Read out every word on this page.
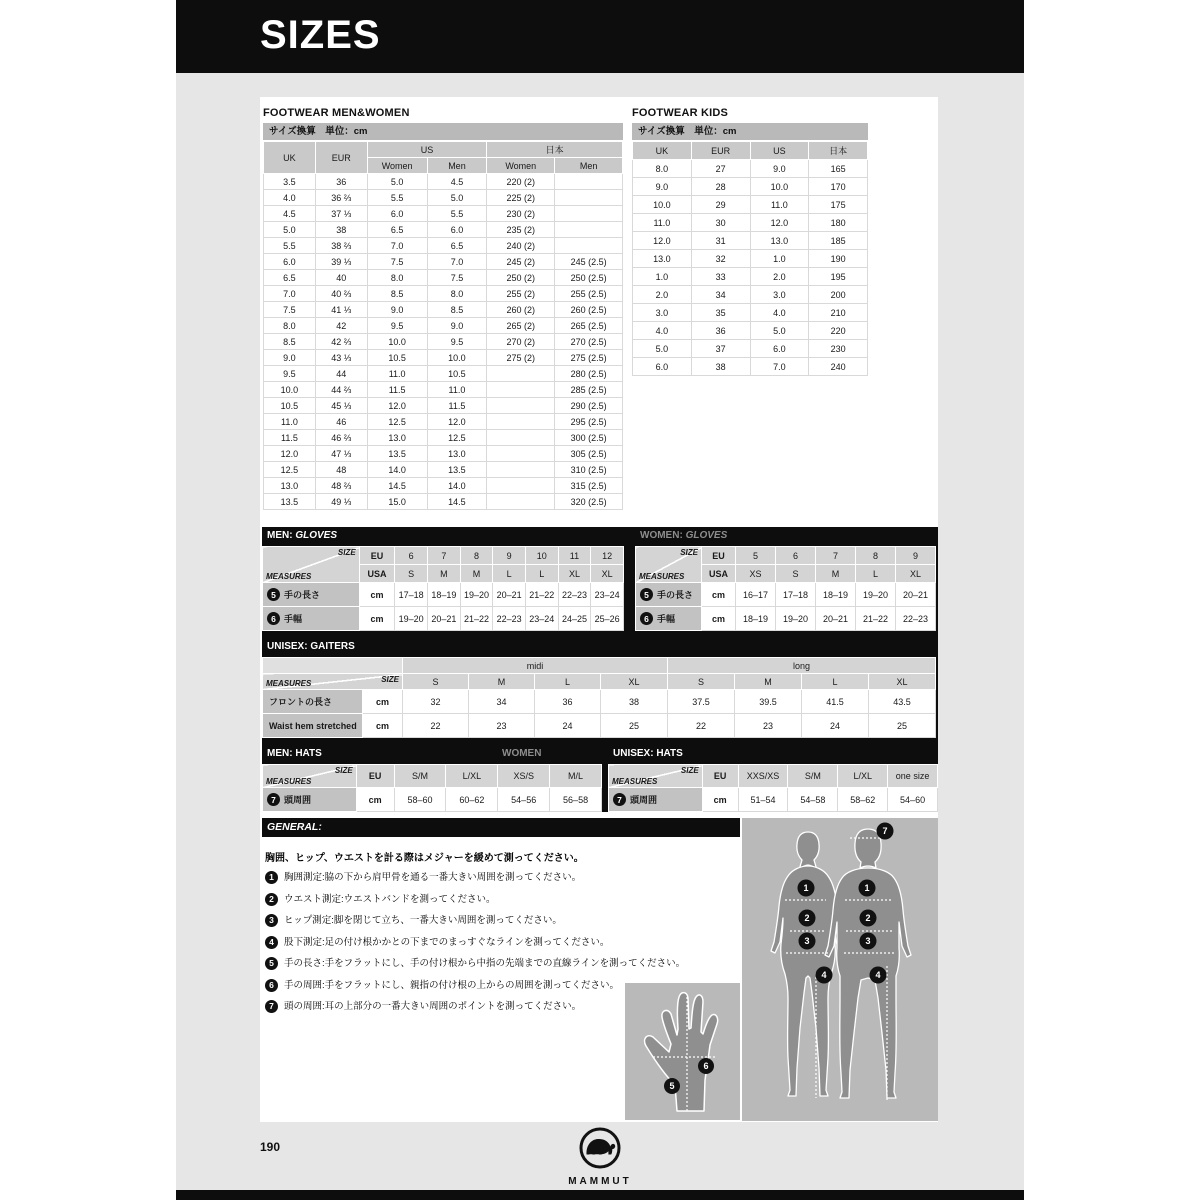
SIZES
FOOTWEAR MEN&WOMEN
サイズ換算　単位：cm
UK	EUR	US		日本	
		Women	Men	Women	Men
3.5	36	5.0	4.5	220 (2)	
4.0	36 ⅔	5.5	5.0	225 (2)	
4.5	37 ⅓	6.0	5.5	230 (2)	
5.0	38	6.5	6.0	235 (2)	
5.5	38 ⅔	7.0	6.5	240 (2)	
6.0	39 ⅓	7.5	7.0	245 (2)	245 (2.5)
6.5	40	8.0	7.5	250 (2)	250 (2.5)
7.0	40 ⅔	8.5	8.0	255 (2)	255 (2.5)
7.5	41 ⅓	9.0	8.5	260 (2)	260 (2.5)
8.0	42	9.5	9.0	265 (2)	265 (2.5)
8.5	42 ⅔	10.0	9.5	270 (2)	270 (2.5)
9.0	43 ⅓	10.5	10.0	275 (2)	275 (2.5)
9.5	44	11.0	10.5		280 (2.5)
10.0	44 ⅔	11.5	11.0		285 (2.5)
10.5	45 ⅓	12.0	11.5		290 (2.5)
11.0	46	12.5	12.0		295 (2.5)
11.5	46 ⅔	13.0	12.5		300 (2.5)
12.0	47 ⅓	13.5	13.0		305 (2.5)
12.5	48	14.0	13.5		310 (2.5)
13.0	48 ⅔	14.5	14.0		315 (2.5)
13.5	49 ⅓	15.0	14.5		320 (2.5)
FOOTWEAR KIDS
サイズ換算　単位：cm
UK	EUR	US	日本
8.0	27	9.0	165
9.0	28	10.0	170
10.0	29	11.0	175
11.0	30	12.0	180
12.0	31	13.0	185
13.0	32	1.0	190
1.0	33	2.0	195
2.0	34	3.0	200
3.0	35	4.0	210
4.0	36	5.0	220
5.0	37	6.0	230
6.0	38	7.0	240
MEN: GLOVES
SIZE
MEASURES	EU	6	7	8	9	10	11	12
	USA	S	M	M	L	L	XL	XL

5 手の長さ	cm	17–18	18–19	19–20	20–21	21–22	22–23	23–24

6 手幅	cm	19–20	20–21	21–22	22–23	23–24	24–25	25–26
WOMEN: GLOVES
SIZE
MEASURES	EU	5	6	7	8	9
	USA	XS	S	M	L	XL

5 手の長さ	cm	16–17	17–18	18–19	19–20	20–21

6 手幅	cm	18–19	19–20	20–21	21–22	22–23
UNISEX: GAITERS
		midi				long			

SIZE
MEASURES		S	M	L	XL	S	M	L	XL
フロントの長さ	cm	32	34	36	38	37.5	39.5	41.5	43.5
Waist hem stretched	cm	22	23	24	25	22	23	24	25
MEN: HATS	WOMEN
SIZE
MEASURES	EU	S/M	L/XL	XS/S	M/L

7 頭周囲	cm	58–60	60–62	54–56	56–58
UNISEX: HATS
SIZE
MEASURES	EU	XXS/XS	S/M	L/XL	one size

7 頭周囲	cm	51–54	54–58	58–62	54–60
GENERAL:
胸囲、ヒップ、ウエストを計る際はメジャーを緩めて測ってください。
1	胸囲測定:脇の下から肩甲骨を通る一番大きい周囲を測ってください。
2	ウエスト測定:ウエストバンドを測ってください。
3	ヒップ測定:脚を閉じて立ち、一番大きい周囲を測ってください。
4	股下測定:足の付け根かかとの下までのまっすぐなラインを測ってください。
5	手の長さ:手をフラットにし、手の付け根から中指の先端までの直線ラインを測ってください。
6	手の周囲:手をフラットにし、親指の付け根の上からの周囲を測ってください。
7	頭の周囲:耳の上部分の一番大きい周囲のポイントを測ってください。
5
6
1	1
2	2
3	3
4	4
7
190
MAMMUT
